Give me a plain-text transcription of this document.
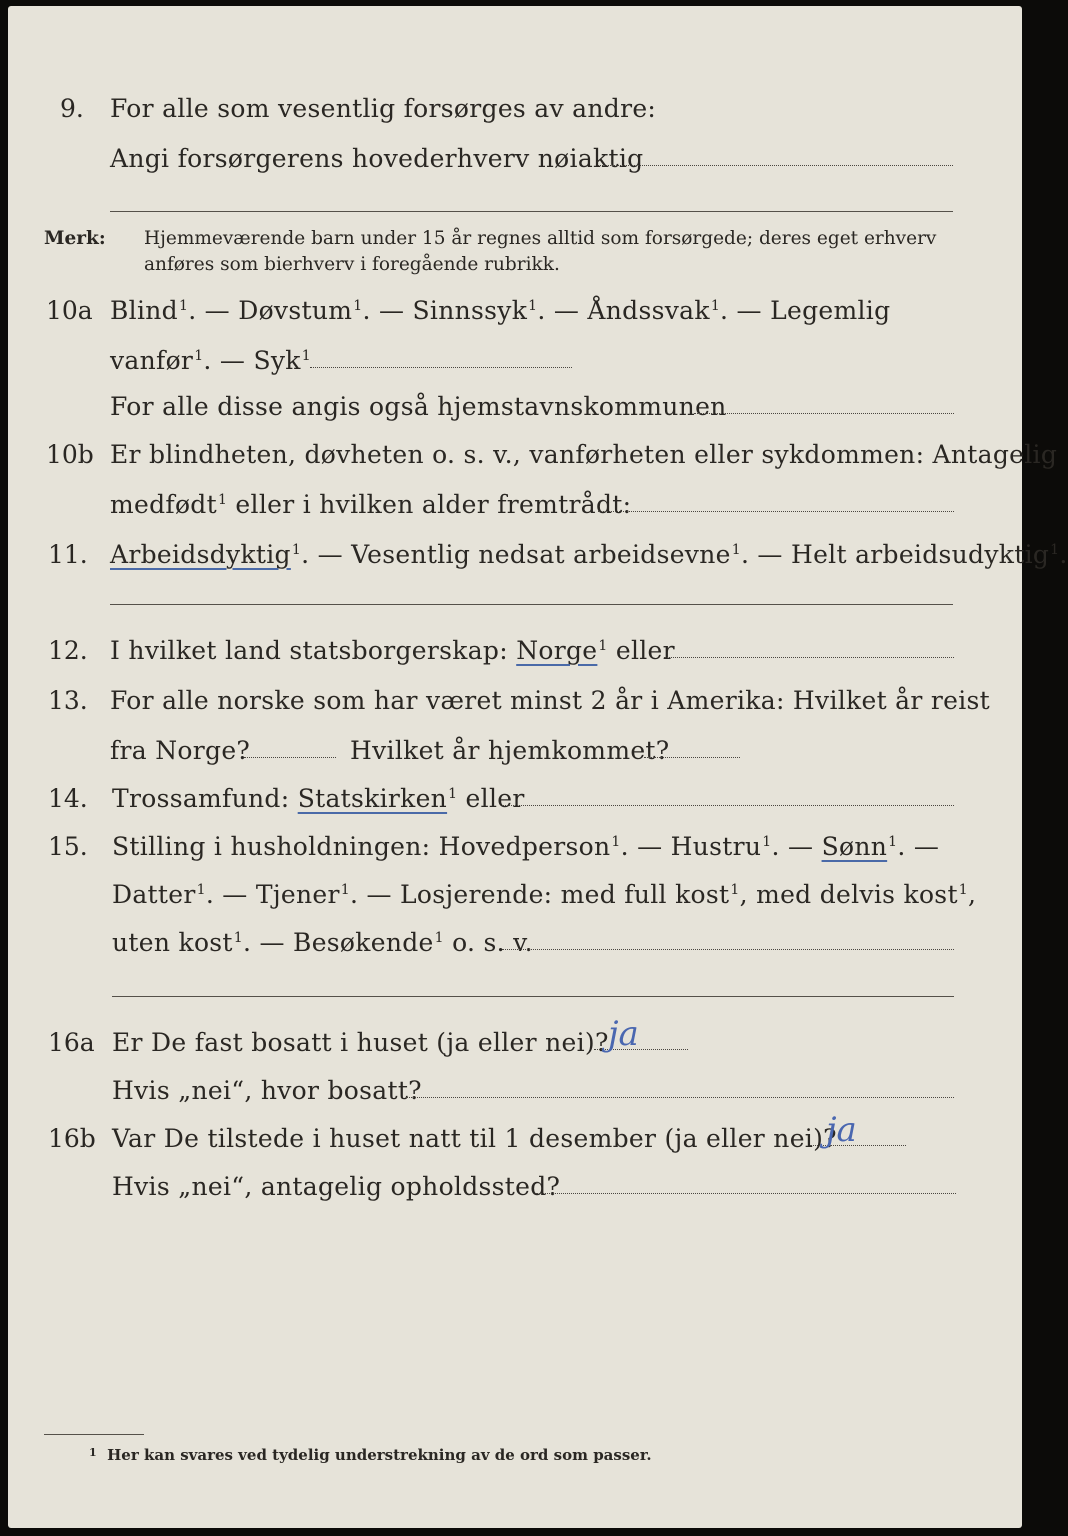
9. For alle som vesentlig forsørges av andre:
Angi forsørgerens hovederhverv nøiaktig
Merk: Hjemmeværende barn under 15 år regnes alltid som forsørgede; deres eget erhverv
anføres som bierhverv i foregående rubrikk.
10a Blind$^1$. — Døvstum$^1$. — Sinnssyk$^1$. — Åndssvak$^1$. — Legemlig
vanfør$^1$. — Syk$^1$
For alle disse angis også hjemstavnskommunen
10b Er blindheten, døvheten o. s. v., vanførheten eller sykdommen: Antagelig
medfødt$^1$ eller i hvilken alder fremtrådt:
11. Arbeidsdyktig$^1$. — Vesentlig nedsat arbeidsevne$^1$. — Helt arbeidsudyktig$^1$.
12. I hvilket land statsborgerskap: Norge$^1$ eller
13. For alle norske som har været minst 2 år i Amerika: Hvilket år reist
fra Norge?	Hvilket år hjemkommet?
14. Trossamfund: Statskirken$^1$ eller
15. Stilling i husholdningen: Hovedperson$^1$. — Hustru$^1$. — Sønn$^1$. —
Datter$^1$. — Tjener$^1$. — Losjerende: med full kost$^1$, med delvis kost$^1$,
uten kost$^1$. — Besøkende$^1$ o. s. v.
16a Er De fast bosatt i huset (ja eller nei)? ja
Hvis „nei“, hvor bosatt?
16b Var De tilstede i huset natt til 1 desember (ja eller nei)?
ja
Hvis „nei“, antagelig opholdssted?
$^1$ Her kan svares ved tydelig understrekning av de ord som passer.
